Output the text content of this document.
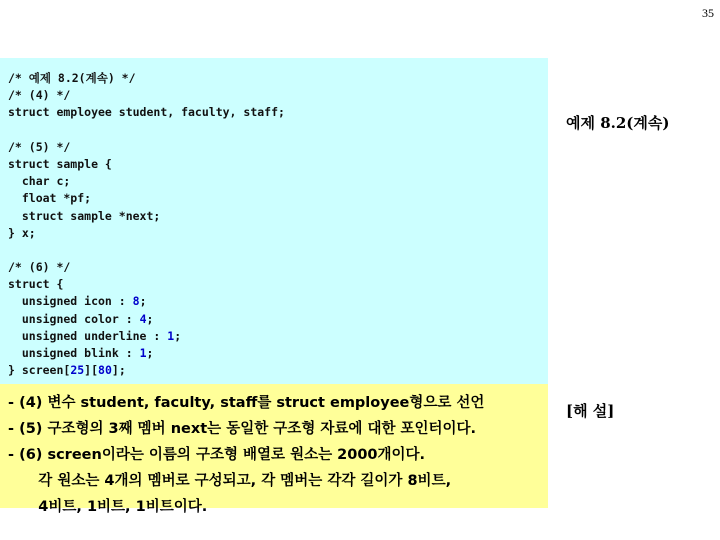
35
/* 예제 8.2(계속) */
/* (4) */
struct employee student, faculty, staff;
/* (5) */
struct sample {
char c;
float *pf;
struct sample *next;
} x;
/* (6) */
struct {
unsigned icon : 8;
unsigned color : 4;
unsigned underline : 1;
unsigned blink : 1;
} screen[25][80];
- (4) 변수 student, faculty, staff를 struct employee형으로 선언
- (5) 구조형의 3째 멤버 next는 동일한 구조형 자료에 대한 포인터이다.
- (6) screen이라는 이름의 구조형 배열로 원소는 2000개이다.
각 원소는 4개의 멤버로 구성되고, 각 멤버는 각각 길이가 8비트,
4비트, 1비트, 1비트이다.
예제 8.2(계속)
[해 설]
